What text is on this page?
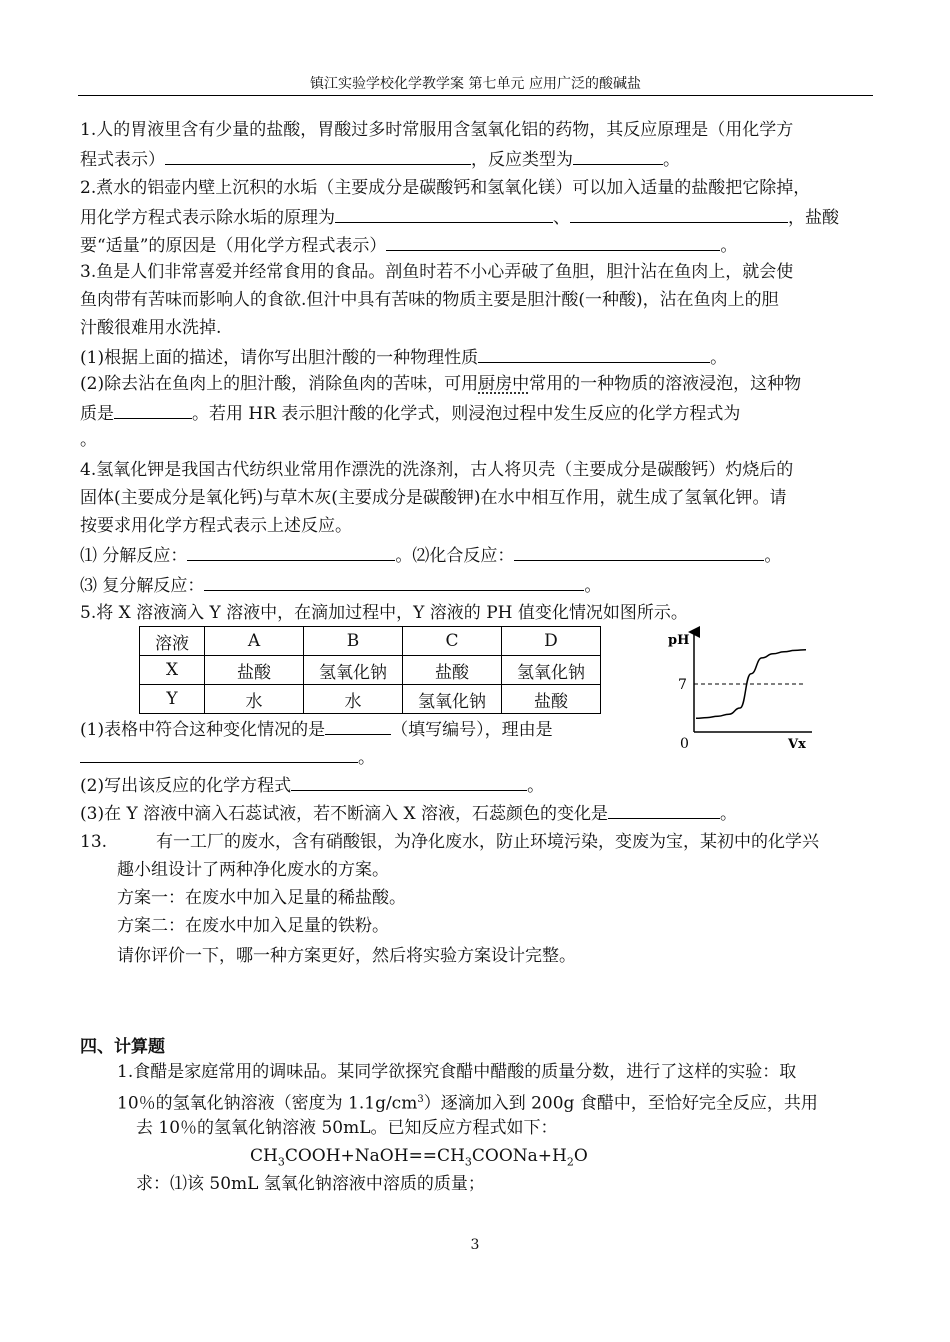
镇江实验学校化学教学案 第七单元 应用广泛的酸碱盐
1.人的胃液里含有少量的盐酸，胃酸过多时常服用含氢氧化铝的药物，其反应原理是（用化学方
程式表示）	，反应类型为	。
2.煮水的铝壶内壁上沉积的水垢（主要成分是碳酸钙和氢氧化镁）可以加入适量的盐酸把它除掉，
用化学方程式表示除水垢的原理为	、	，盐酸
要“适量”的原因是（用化学方程式表示）	。
3.鱼是人们非常喜爱并经常食用的食品。剖鱼时若不小心弄破了鱼胆，胆汁沾在鱼肉上，就会使
鱼肉带有苦味而影响人的食欲.但汁中具有苦味的物质主要是胆汁酸(一种酸)，沾在鱼肉上的胆
汁酸很难用水洗掉.
(1)根据上面的描述，请你写出胆汁酸的一种物理性质	。
(2)除去沾在鱼肉上的胆汁酸，消除鱼肉的苦味，可用厨房中常用的一种物质的溶液浸泡，这种物
质是	。若用 HR 表示胆汁酸的化学式，则浸泡过程中发生反应的化学方程式为
。
4.氢氧化钾是我国古代纺织业常用作漂洗的洗涤剂，古人将贝壳（主要成分是碳酸钙）灼烧后的
固体(主要成分是氧化钙)与草木灰(主要成分是碳酸钾)在水中相互作用，就生成了氢氧化钾。请
按要求用化学方程式表示上述反应。
⑴ 分解反应：	。⑵化合反应：	。
⑶ 复分解反应：	。
5.将 X 溶液滴入 Y 溶液中，在滴加过程中，Y 溶液的 PH 值变化情况如图所示。
溶液	A	B	C	D
X	盐酸	氢氧化钠	盐酸	氢氧化钠
Y	水	水	氢氧化钠	盐酸
pH
7
0	Vx
(1)表格中符合这种变化情况的是	（填写编号），理由是
。
(2)写出该反应的化学方程式	。
(3)在 Y 溶液中滴入石蕊试液，若不断滴入 X 溶液，石蕊颜色的变化是	。
13.	有一工厂的废水，含有硝酸银，为净化废水，防止环境污染，变废为宝，某初中的化学兴
趣小组设计了两种净化废水的方案。
方案一：在废水中加入足量的稀盐酸。
方案二：在废水中加入足量的铁粉。
请你评价一下，哪一种方案更好，然后将实验方案设计完整。
四、计算题
1.食醋是家庭常用的调味品。某同学欲探究食醋中醋酸的质量分数，进行了这样的实验：取
10％的氢氧化钠溶液（密度为 $1.1g/cm^3$）逐滴加入到 200g 食醋中，至恰好完全反应，共用
去 10％的氢氧化钠溶液 50mL。已知反应方程式如下：
$CH_3COOH+NaOH==CH_3COONa+H_2O$
求：⑴该 50mL 氢氧化钠溶液中溶质的质量；
3
